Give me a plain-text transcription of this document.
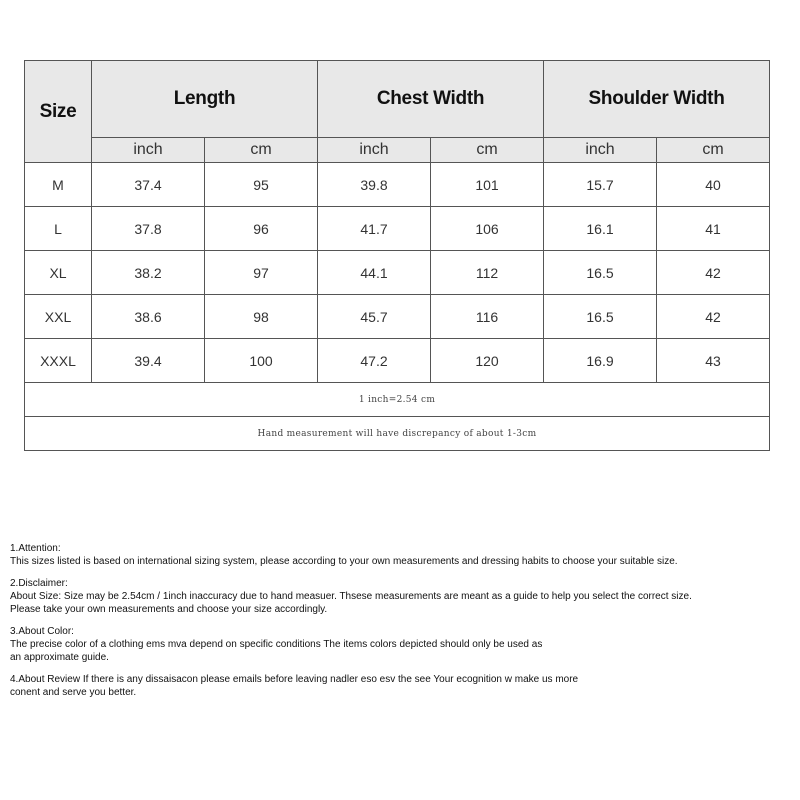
Size	Length		Chest Width		Shoulder Width	
	inch	cm	inch	cm	inch	cm
M	37.4	95	39.8	101	15.7	40
L	37.8	96	41.7	106	16.1	41
XL	38.2	97	44.1	112	16.5	42
XXL	38.6	98	45.7	116	16.5	42
XXXL	39.4	100	47.2	120	16.9	43
1 inch=2.54 cm						
Hand measurement will have discrepancy of about 1-3cm						

1.Attention:

This sizes listed is based on international sizing system, please according to your own measurements and dressing habits to choose your suitable size.

2.Disclaimer:

About Size: Size may be 2.54cm / 1inch inaccuracy due to hand measuer. Thsese measurements are meant as a guide to help you select the correct size.

Please take your own measurements and choose your size accordingly.

3.About Color:

The precise color of a clothing ems mva depend on specific conditions The items colors depicted should only be used as

an approximate guide.

4.About Review If there is any dissaisacon please emails before leaving nadler eso esv the see Your ecognition w make us more

conent and serve you better.
